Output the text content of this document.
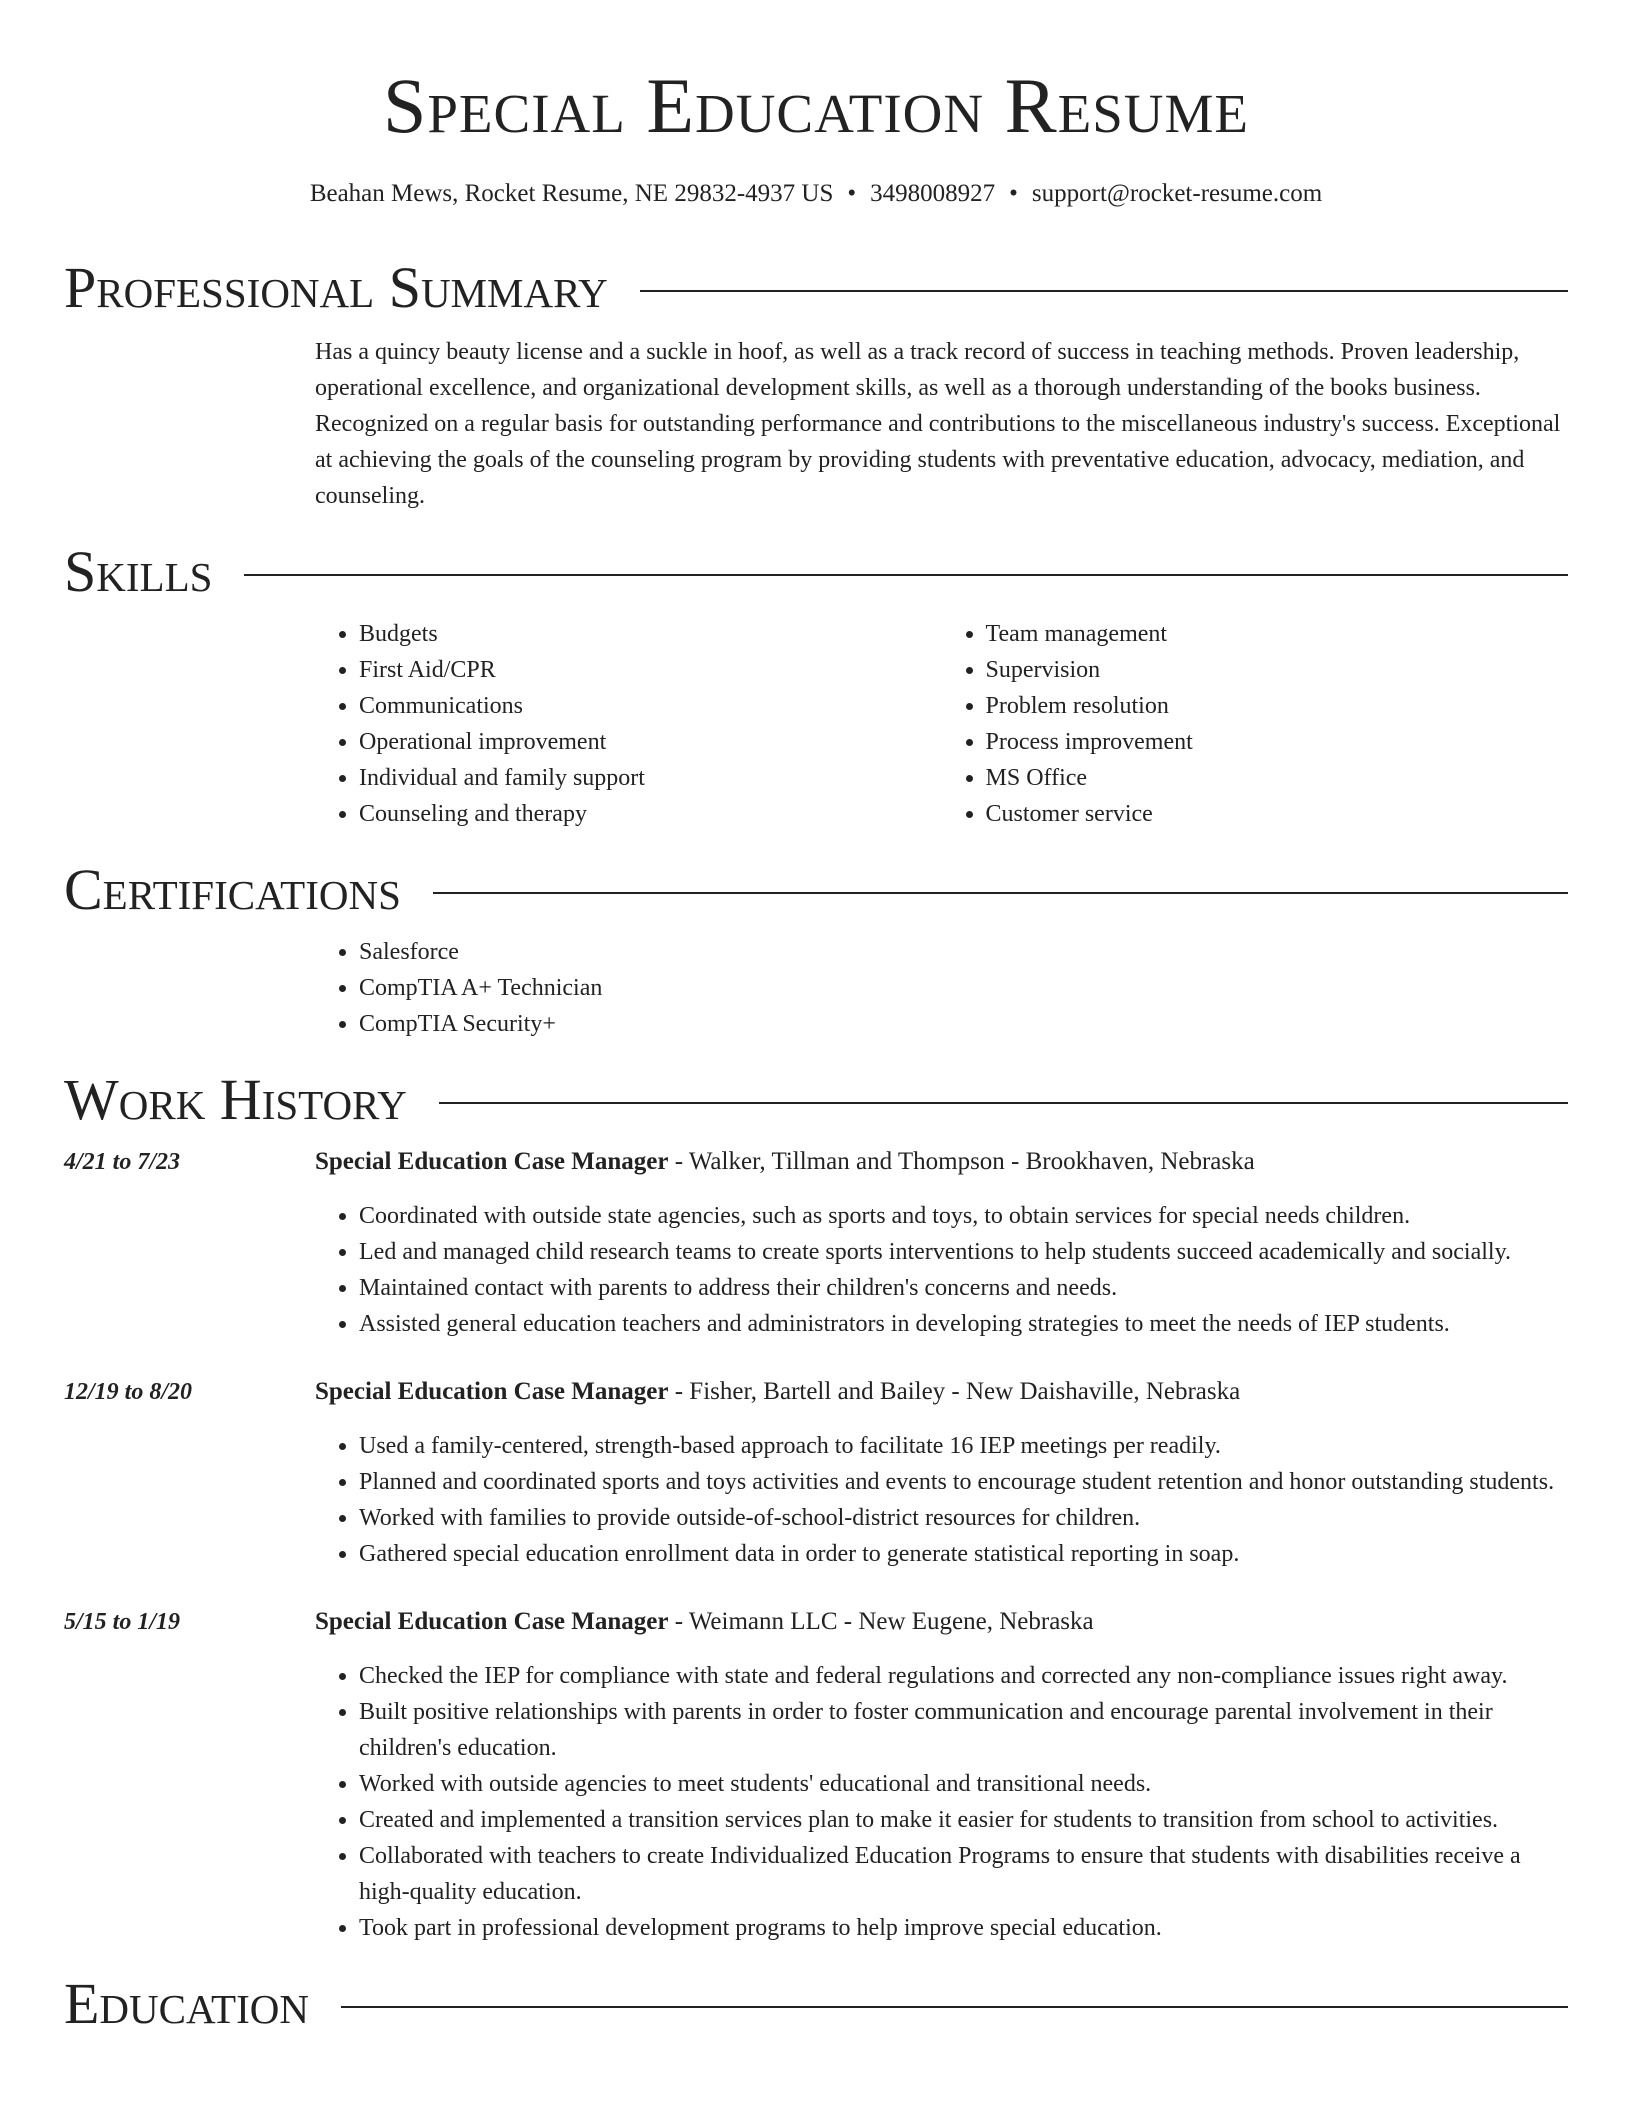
Special Education Resume
Beahan Mews, Rocket Resume, NE 29832-4937 US • 3498008927 • support@rocket-resume.com
Professional Summary

Has a quincy beauty license and a suckle in hoof, as well as a track record of success in teaching methods. Proven leadership, operational excellence, and organizational development skills, as well as a thorough understanding of the books business. Recognized on a regular basis for outstanding performance and contributions to the miscellaneous industry's success. Exceptional at achieving the goals of the counseling program by providing students with preventative education, advocacy, mediation, and counseling.

Skills
• Budgets
• First Aid/CPR
• Communications
• Operational improvement
• Individual and family support
• Counseling and therapy
• Team management
• Supervision
• Problem resolution
• Process improvement
• MS Office
• Customer service
Certifications
• Salesforce
• CompTIA A+ Technician
• CompTIA Security+
Work History
4/21 to 7/23	Special Education Case Manager - Walker, Tillman and Thompson - Brookhaven, Nebraska
• Coordinated with outside state agencies, such as sports and toys, to obtain services for special needs children.
• Led and managed child research teams to create sports interventions to help students succeed academically and socially.
• Maintained contact with parents to address their children's concerns and needs.
• Assisted general education teachers and administrators in developing strategies to meet the needs of IEP students.
12/19 to 8/20	Special Education Case Manager - Fisher, Bartell and Bailey - New Daishaville, Nebraska
• Used a family-centered, strength-based approach to facilitate 16 IEP meetings per readily.
• Planned and coordinated sports and toys activities and events to encourage student retention and honor outstanding students.
• Worked with families to provide outside-of-school-district resources for children.
• Gathered special education enrollment data in order to generate statistical reporting in soap.
5/15 to 1/19	Special Education Case Manager - Weimann LLC - New Eugene, Nebraska
• Checked the IEP for compliance with state and federal regulations and corrected any non-compliance issues right away.
• Built positive relationships with parents in order to foster communication and encourage parental involvement in their children's education.
• Worked with outside agencies to meet students' educational and transitional needs.
• Created and implemented a transition services plan to make it easier for students to transition from school to activities.
• Collaborated with teachers to create Individualized Education Programs to ensure that students with disabilities receive a high-quality education.
• Took part in professional development programs to help improve special education.
Education
